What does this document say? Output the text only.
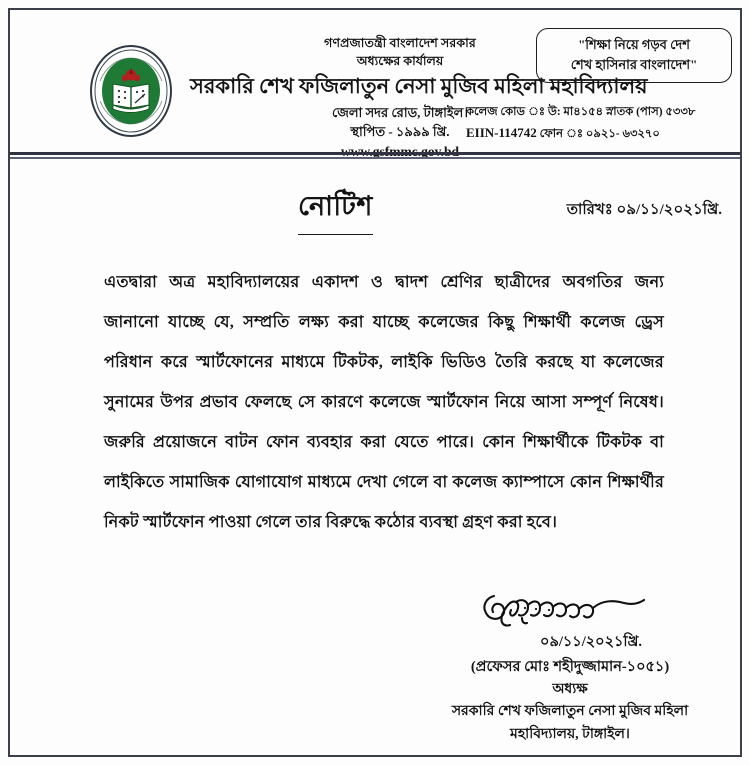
গণপ্রজাতন্ত্রী বাংলাদেশ সরকার
অধ্যক্ষের কার্যালয়
সরকারি শেখ ফজিলাতুন নেসা মুজিব মহিলা মহাবিদ্যালয়
জেলা সদর রোড, টাঙ্গাইল।
স্থাপিত - ১৯৯৯ খ্রি.
"শিক্ষা নিয়ে গড়ব দেশ
শেখ হাসিনার বাংলাদেশ"
কলেজ কোড ঃ উ: মা৪১৫৪ স্নাতক (পাস) ৫৩৩৮
EIIN-114742 ফোন ঃ ০৯২১- ৬৩২৭০
নোটিশ	তারিখঃ ০৯/১১/২০২১খ্রি.
এতদ্বারা অত্র মহাবিদ্যালয়ের একাদশ ও দ্বাদশ শ্রেণির ছাত্রীদের অবগতির জন্য
জানানো যাচ্ছে যে, সম্প্রতি লক্ষ্য করা যাচ্ছে কলেজের কিছু শিক্ষার্থী কলেজ ড্রেস
পরিধান করে স্মার্টফোনের মাধ্যমে টিকটক, লাইকি ভিডিও তৈরি করছে যা কলেজের
সুনামের উপর প্রভাব ফেলছে সে কারণে কলেজে স্মার্টফোন নিয়ে আসা সম্পূর্ণ নিষেধ।
জরুরি প্রয়োজনে বাটন ফোন ব্যবহার করা যেতে পারে। কোন শিক্ষার্থীকে টিকটক বা
লাইকিতে সামাজিক যোগাযোগ মাধ্যমে দেখা গেলে বা কলেজ ক্যাম্পাসে কোন শিক্ষার্থীর
নিকট স্মার্টফোন পাওয়া গেলে তার বিরুদ্ধে কঠোর ব্যবস্থা গ্রহণ করা হবে।
০৯/১১/২০২১খ্রি.
(প্রফেসর মোঃ শহীদুজ্জামান-১০৫১)
অধ্যক্ষ
সরকারি শেখ ফজিলাতুন নেসা মুজিব মহিলা
মহাবিদ্যালয়, টাঙ্গাইল।
